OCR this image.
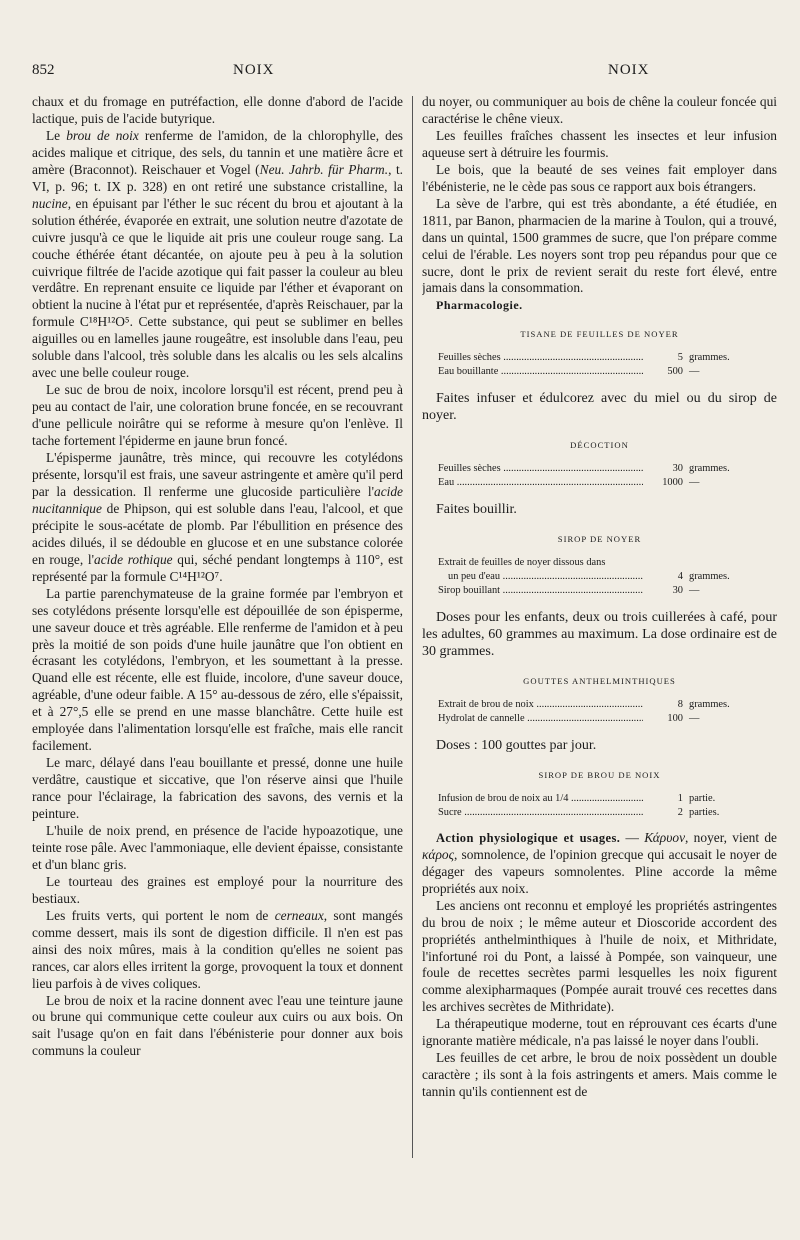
852	NOIX	NOIX

chaux et du fromage en putréfaction, elle donne d'abord de l'acide lactique, puis de l'acide butyrique.

Le brou de noix renferme de l'amidon, de la chlorophylle, des acides malique et citrique, des sels, du tannin et une matière âcre et amère (Braconnot). Reischauer et Vogel (Neu. Jahrb. für Pharm., t. VI, p. 96; t. IX p. 328) en ont retiré une substance cristalline, la nucine, en épuisant par l'éther le suc récent du brou et ajoutant à la solution éthérée, évaporée en extrait, une solution neutre d'azotate de cuivre jusqu'à ce que le liquide ait pris une couleur rouge sang. La couche éthérée étant décantée, on ajoute peu à peu à la solution cuivrique filtrée de l'acide azotique qui fait passer la couleur au bleu verdâtre. En reprenant ensuite ce liquide par l'éther et évaporant on obtient la nucine à l'état pur et représentée, d'après Reischauer, par la formule C¹⁸H¹²O⁵. Cette substance, qui peut se sublimer en belles aiguilles ou en lamelles jaune rougeâtre, est insoluble dans l'eau, peu soluble dans l'alcool, très soluble dans les alcalis ou les sels alcalins avec une belle couleur rouge.

Le suc de brou de noix, incolore lorsqu'il est récent, prend peu à peu au contact de l'air, une coloration brune foncée, en se recouvrant d'une pellicule noirâtre qui se reforme à mesure qu'on l'enlève. Il tache fortement l'épiderme en jaune brun foncé.

L'épisperme jaunâtre, très mince, qui recouvre les cotylédons présente, lorsqu'il est frais, une saveur astringente et amère qu'il perd par la dessication. Il renferme une glucoside particulière l'acide nucitannique de Phipson, qui est soluble dans l'eau, l'alcool, et que précipite le sous-acétate de plomb. Par l'ébullition en présence des acides dilués, il se dédouble en glucose et en une substance colorée en rouge, l'acide rothique qui, séché pendant longtemps à 110°, est représenté par la formule C¹⁴H¹²O⁷.

La partie parenchymateuse de la graine formée par l'embryon et ses cotylédons présente lorsqu'elle est dépouillée de son épisperme, une saveur douce et très agréable. Elle renferme de l'amidon et à peu près la moitié de son poids d'une huile jaunâtre que l'on obtient en écrasant les cotylédons, l'embryon, et les soumettant à la presse. Quand elle est récente, elle est fluide, incolore, d'une saveur douce, agréable, d'une odeur faible. A 15° au-dessous de zéro, elle s'épaissit, et à 27°,5 elle se prend en une masse blanchâtre. Cette huile est employée dans l'alimentation lorsqu'elle est fraîche, mais elle rancit facilement.

Le marc, délayé dans l'eau bouillante et pressé, donne une huile verdâtre, caustique et siccative, que l'on réserve ainsi que l'huile rance pour l'éclairage, la fabrication des savons, des vernis et la peinture.

L'huile de noix prend, en présence de l'acide hypoazotique, une teinte rose pâle. Avec l'ammoniaque, elle devient épaisse, consistante et d'un blanc gris.

Le tourteau des graines est employé pour la nourriture des bestiaux.

Les fruits verts, qui portent le nom de cerneaux, sont mangés comme dessert, mais ils sont de digestion difficile. Il n'en est pas ainsi des noix mûres, mais à la condition qu'elles ne soient pas rances, car alors elles irritent la gorge, provoquent la toux et donnent lieu parfois à de vives coliques.

Le brou de noix et la racine donnent avec l'eau une teinture jaune ou brune qui communique cette couleur aux cuirs ou aux bois. On sait l'usage qu'on en fait dans l'ébénisterie pour donner aux bois communs la couleur

du noyer, ou communiquer au bois de chêne la couleur foncée qui caractérise le chêne vieux.

Les feuilles fraîches chassent les insectes et leur infusion aqueuse sert à détruire les fourmis.

Le bois, que la beauté de ses veines fait employer dans l'ébénisterie, ne le cède pas sous ce rapport aux bois étrangers.

La sève de l'arbre, qui est très abondante, a été étudiée, en 1811, par Banon, pharmacien de la marine à Toulon, qui a trouvé, dans un quintal, 1500 grammes de sucre, que l'on prépare comme celui de l'érable. Les noyers sont trop peu répandus pour que ce sucre, dont le prix de revient serait du reste fort élevé, entre jamais dans la consommation.

Pharmacologie.

TISANE DE FEUILLES DE NOYER
Feuilles sèches .....	5 grammes.
Eau bouillante .....	500 —

Faites infuser et édulcorez avec du miel ou du sirop de noyer.

DÉCOCTION
Feuilles sèches .....	30 grammes.
Eau .....	1000 —

Faites bouillir.

SIROP DE NOYER
Extrait de feuilles de noyer dissous dans
un peu d'eau .....	4 grammes.
Sirop bouillant .....	30 —

Doses pour les enfants, deux ou trois cuillerées à café, pour les adultes, 60 grammes au maximum. La dose ordinaire est de 30 grammes.

GOUTTES ANTHELMINTHIQUES
Extrait de brou de noix .....	8 grammes.
Hydrolat de cannelle .....	100 —

Doses : 100 gouttes par jour.

SIROP DE BROU DE NOIX
Infusion de brou de noix au 1/4 .....	1 partie.
Sucre .....	2 parties.

Action physiologique et usages. — Κάρυον, noyer, vient de κάρος, somnolence, de l'opinion grecque qui accusait le noyer de dégager des vapeurs somnolentes. Pline accorde la même propriétés aux noix.

Les anciens ont reconnu et employé les propriétés astringentes du brou de noix ; le même auteur et Dioscoride accordent des propriétés anthelminthiques à l'huile de noix, et Mithridate, l'infortuné roi du Pont, a laissé à Pompée, son vainqueur, une foule de recettes secrètes parmi lesquelles les noix figurent comme alexipharmaques (Pompée aurait trouvé ces recettes dans les archives secrètes de Mithridate).

La thérapeutique moderne, tout en réprouvant ces écarts d'une ignorante matière médicale, n'a pas laissé le noyer dans l'oubli.

Les feuilles de cet arbre, le brou de noix possèdent un double caractère ; ils sont à la fois astringents et amers. Mais comme le tannin qu'ils contiennent est de
